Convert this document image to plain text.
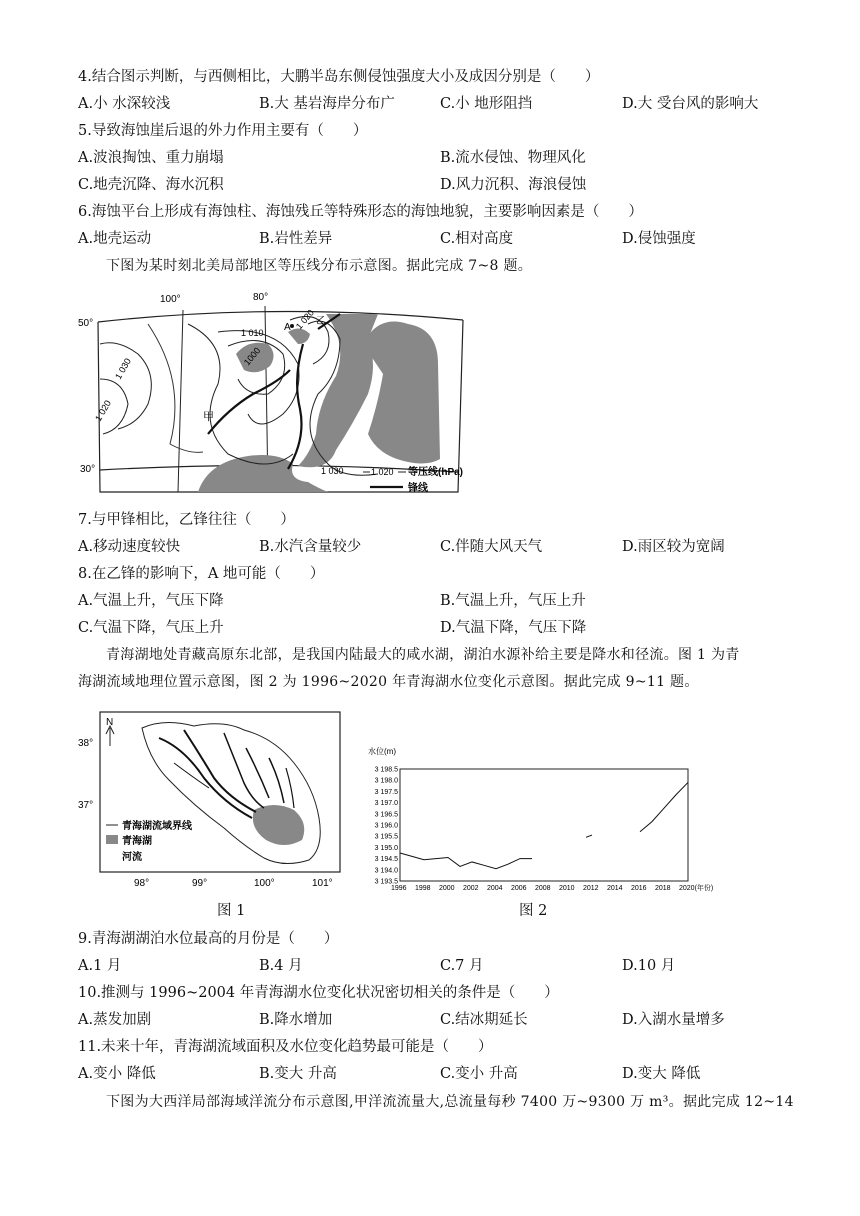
4.结合图示判断，与西侧相比，大鹏半岛东侧侵蚀强度大小及成因分别是（　　）
A.小 水深较浅	B.大 基岩海岸分布广	C.小 地形阻挡	D.大 受台风的影响大
5.导致海蚀崖后退的外力作用主要有（　　）
A.波浪掏蚀、重力崩塌	B.流水侵蚀、物理风化
C.地壳沉降、海水沉积	D.风力沉积、海浪侵蚀
6.海蚀平台上形成有海蚀柱、海蚀残丘等特殊形态的海蚀地貌，主要影响因素是（　　）
A.地壳运动	B.岩性差异	C.相对高度	D.侵蚀强度
下图为某时刻北美局部地区等压线分布示意图。据此完成 7~8 题。
50°
30°
100°	80°
1 030
1 020
1 010
1000
1 020
1 030
A
乙
甲
1 020 等压线(hPa)
锋线
7.与甲锋相比，乙锋往往（　　）
A.移动速度较快	B.水汽含量较少	C.伴随大风天气	D.雨区较为宽阔
8.在乙锋的影响下，A 地可能（　　）
A.气温上升，气压下降	B.气温上升，气压上升
C.气温下降，气压上升	D.气温下降，气压下降
青海湖地处青藏高原东北部，是我国内陆最大的咸水湖，湖泊水源补给主要是降水和径流。图 1 为青
海湖流域地理位置示意图，图 2 为 1996~2020 年青海湖水位变化示意图。据此完成 9~11 题。
N
38°
37°
98°	99°	100°	101°
青海湖流域界线
青海湖
河流
图 1
水位(m)
3 198.5
3 198.0
3 197.5
3 197.0
3 196.5
3 196.0
3 195.5
3 195.0
3 194.5
3 194.0
3 193.5
1996 1998 2000 2002 2004 2006 2008 2010 2012 2014 2016 2018 2020(年份)
图 2
9.青海湖湖泊水位最高的月份是（　　）
A.1 月	B.4 月	C.7 月	D.10 月
10.推测与 1996~2004 年青海湖水位变化状况密切相关的条件是（　　）
A.蒸发加剧	B.降水增加	C.结冰期延长	D.入湖水量增多
11.未来十年，青海湖流域面积及水位变化趋势最可能是（　　）
A.变小 降低	B.变大 升高	C.变小 升高	D.变大 降低
下图为大西洋局部海域洋流分布示意图,甲洋流流量大,总流量每秒 7400 万~9300 万 m³。据此完成 12~14
